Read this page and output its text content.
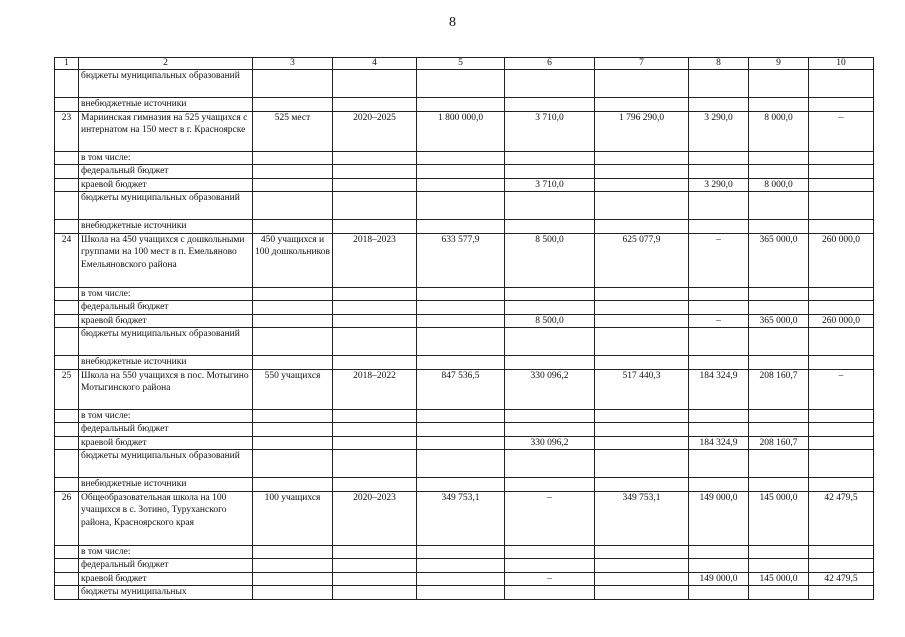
8
1	2	3	4	5	6	7	8	9	10
	бюджеты муниципальных образований								
	внебюджетные источники								
23	Мариинская гимназия на 525 учащихся с интернатом на 150 мест в г. Красноярске	525 мест	2020–2025	1 800 000,0	3 710,0	1 796 290,0	3 290,0	8 000,0	–
	в том числе:								
	федеральный бюджет								
	краевой бюджет				3 710,0		3 290,0	8 000,0	
	бюджеты муниципальных образований								
	внебюджетные источники								
24	Школа на 450 учащихся с дошкольными группами на 100 мест в п. Емельяново Емельяновского района	450 учащихся и 100 дошкольников	2018–2023	633 577,9	8 500,0	625 077,9	–	365 000,0	260 000,0
	в том числе:								
	федеральный бюджет								
	краевой бюджет				8 500,0		–	365 000,0	260 000,0
	бюджеты муниципальных образований								
	внебюджетные источники								
25	Школа на 550 учащихся в пос. Мотыгино Мотыгинского района	550 учащихся	2018–2022	847 536,5	330 096,2	517 440,3	184 324,9	208 160,7	–
	в том числе:								
	федеральный бюджет								
	краевой бюджет				330 096,2		184 324,9	208 160,7	
	бюджеты муниципальных образований								
	внебюджетные источники								
26	Общеобразовательная школа на 100 учащихся в с. Зотино, Туруханского района, Красноярского края	100 учащихся	2020–2023	349 753,1	–	349 753,1	149 000,0	145 000,0	42 479,5
	в том числе:								
	федеральный бюджет								
	краевой бюджет				–		149 000,0	145 000,0	42 479,5
	бюджеты муниципальных								
